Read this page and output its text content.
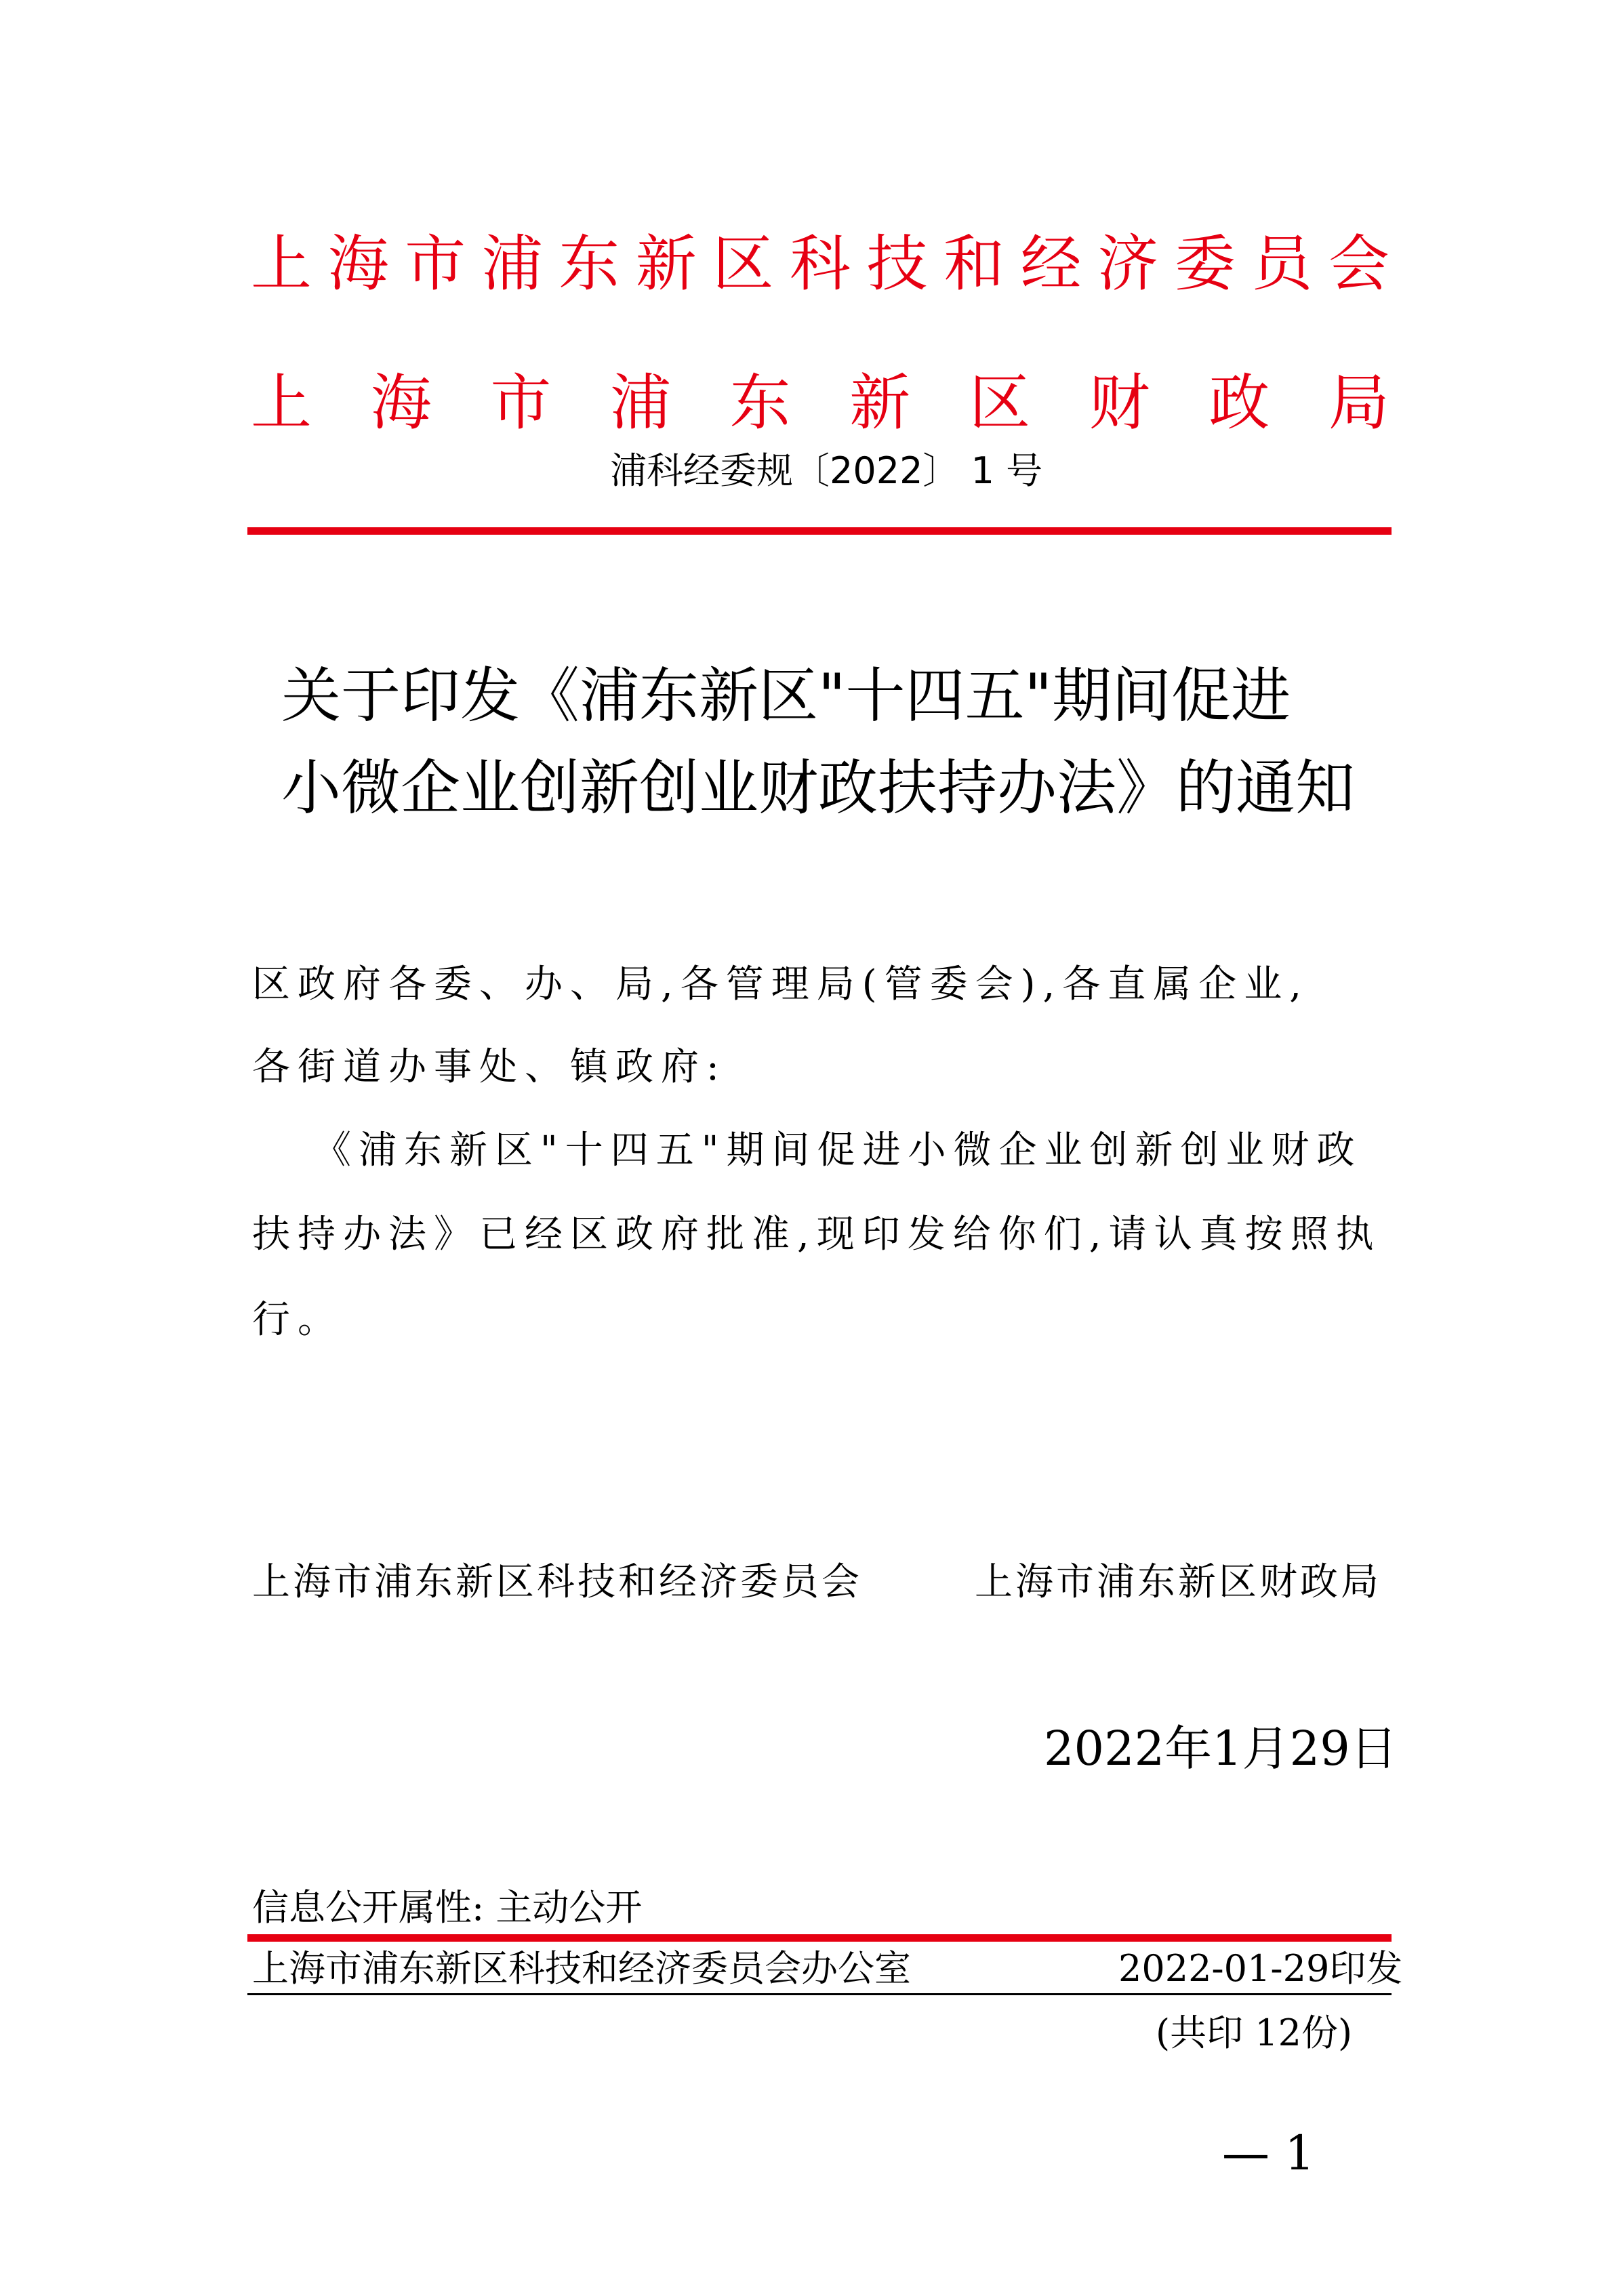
上 海 市 浦 东 新 区 科 技 和 经 济 委 员 会
上 海 市 浦 东 新 区 财 政 局
浦科经委规〔2022〕 1 号
关于印发《浦东新区"十四五"期间促进
小微企业创新创业财政扶持办法》的通知
区政府各委、办、局,各管理局(管委会),各直属企业,
各街道办事处、镇政府:
《浦东新区"十四五"期间促进小微企业创新创业财政
扶持办法》已经区政府批准,现印发给你们,请认真按照执
行。
上海市浦东新区科技和经济委员会	上海市浦东新区财政局
2022年1月29日
信息公开属性: 主动公开
上海市浦东新区科技和经济委员会办公室	2022-01-29印发
(共印 12份)
— 1
